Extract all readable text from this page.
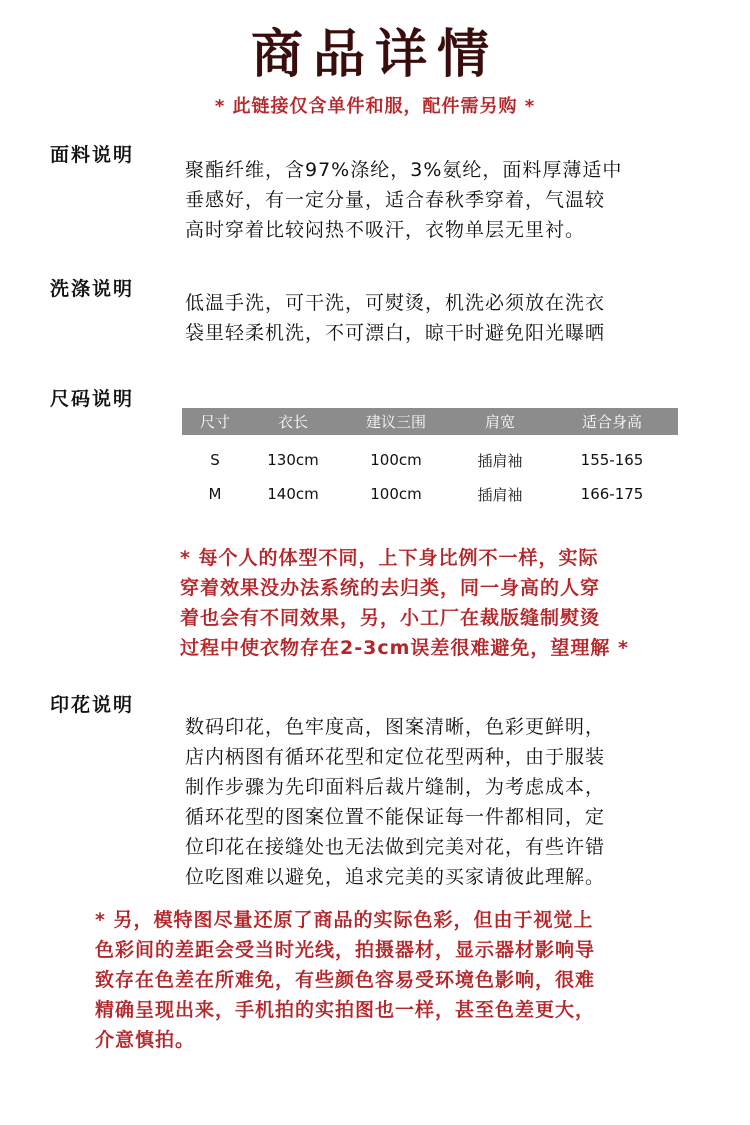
商品详情
* 此链接仅含单件和服，配件需另购 *
面料说明

聚酯纤维，含97%涤纶，3%氨纶，面料厚薄适中

垂感好，有一定分量，适合春秋季穿着，气温较

高时穿着比较闷热不吸汗，衣物单层无里衬。

洗涤说明

低温手洗，可干洗，可熨烫，机洗必须放在洗衣

袋里轻柔机洗，不可漂白，晾干时避免阳光曝晒

尺码说明
尺寸	衣长	建议三围	肩宽	适合身高
S	130cm	100cm	插肩袖	155-165
M	140cm	100cm	插肩袖	166-175

* 每个人的体型不同，上下身比例不一样，实际

穿着效果没办法系统的去归类，同一身高的人穿

着也会有不同效果，另，小工厂在裁版缝制熨烫

过程中使衣物存在2-3cm误差很难避免，望理解 *

印花说明

数码印花，色牢度高，图案清晰，色彩更鲜明，

店内柄图有循环花型和定位花型两种，由于服装

制作步骤为先印面料后裁片缝制，为考虑成本，

循环花型的图案位置不能保证每一件都相同，定

位印花在接缝处也无法做到完美对花，有些许错

位吃图难以避免，追求完美的买家请彼此理解。

* 另，模特图尽量还原了商品的实际色彩，但由于视觉上

色彩间的差距会受当时光线，拍摄器材，显示器材影响导

致存在色差在所难免，有些颜色容易受环境色影响，很难

精确呈现出来，手机拍的实拍图也一样，甚至色差更大，

介意慎拍。
